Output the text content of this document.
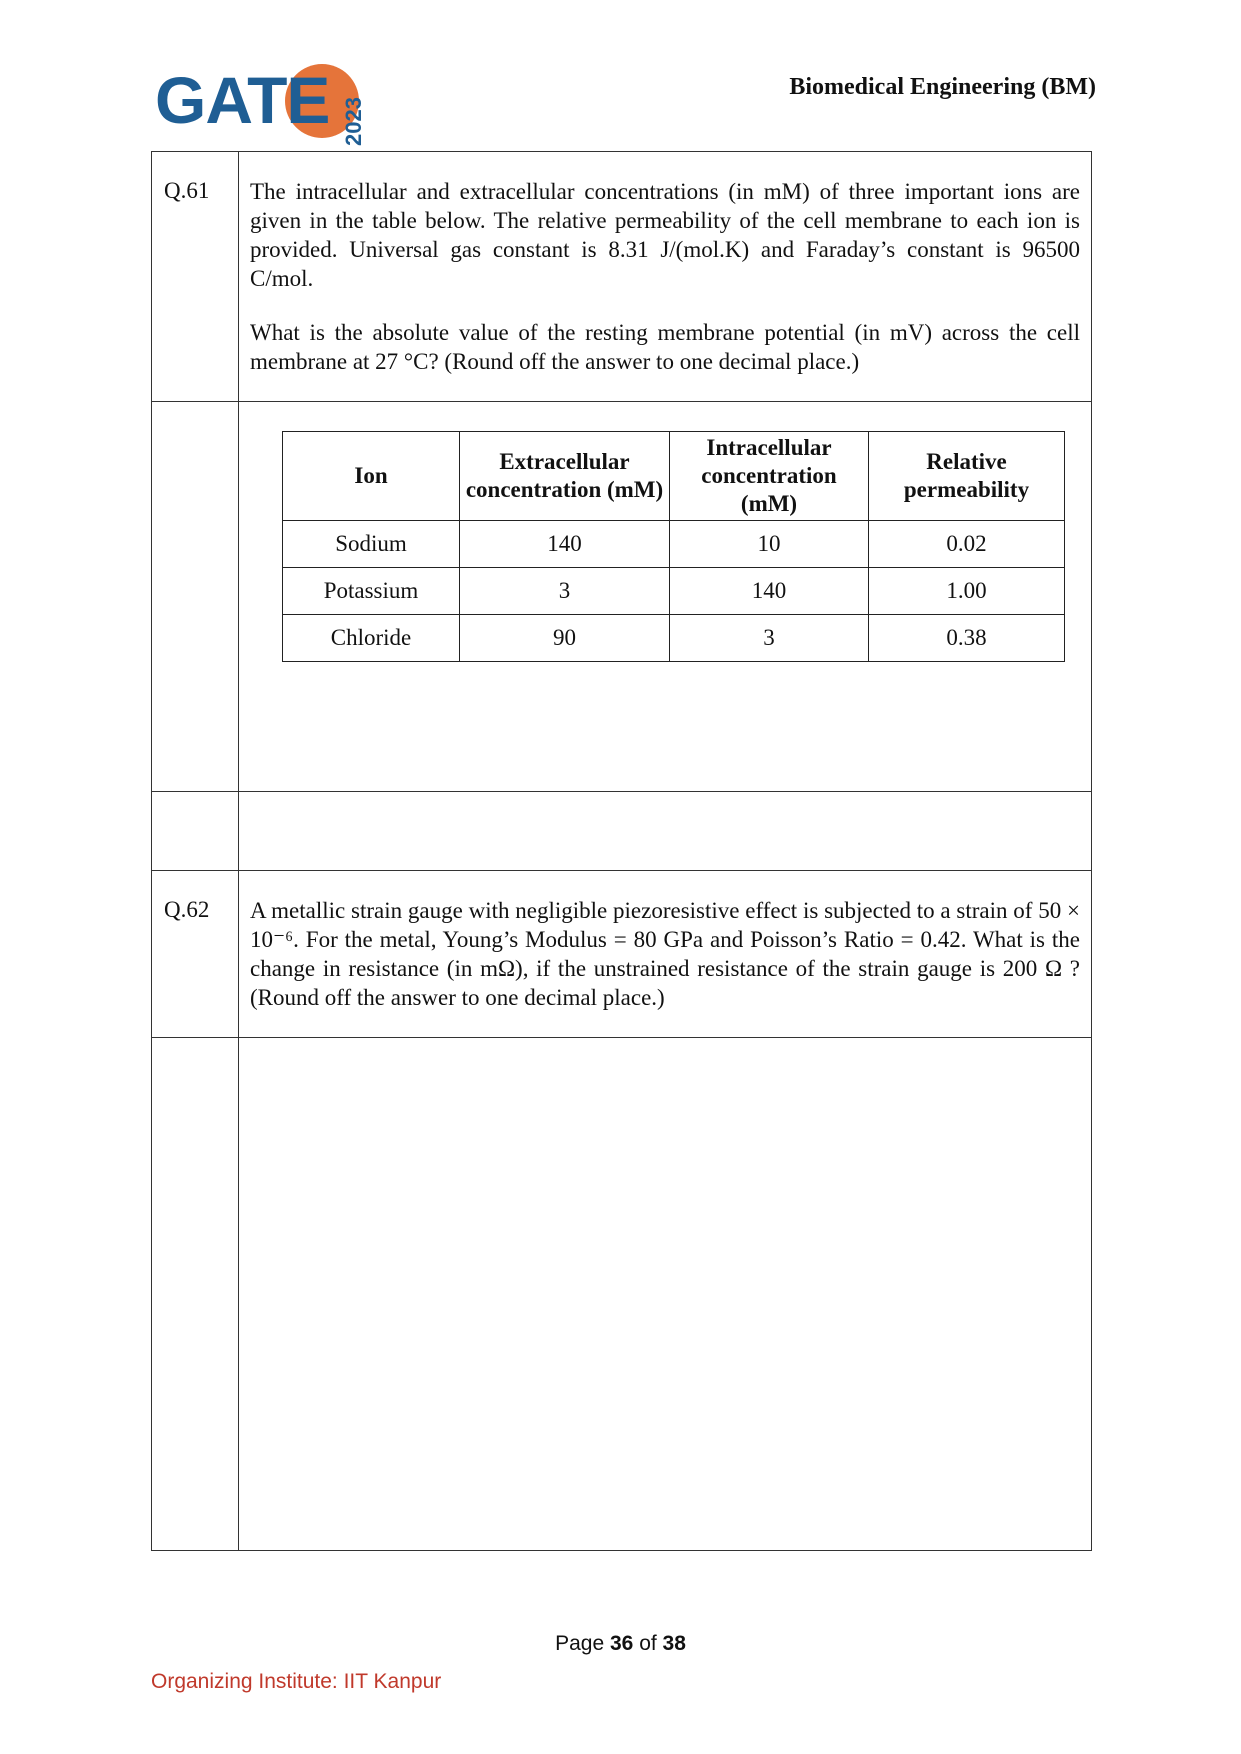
GATE 2023
Biomedical Engineering (BM)
Q.61	The intracellular and extracellular concentrations (in mM) of three important ions are given in the table below. The relative permeability of the cell membrane to each ion is provided. Universal gas constant is 8.31 J/(mol.K) and Faraday’s constant is 96500 C/mol.

What is the absolute value of the resting membrane potential (in mV) across the cell membrane at 27 °C? (Round off the answer to one decimal place.)

Q.62	A metallic strain gauge with negligible piezoresistive effect is subjected to a strain of 50 × 10⁻⁶. For the metal, Young’s Modulus = 80 GPa and Poisson’s Ratio = 0.42. What is the change in resistance (in mΩ), if the unstrained resistance of the strain gauge is 200 Ω ? (Round off the answer to one decimal place.)

Ion	Extracellular concentration (mM)	Intracellular concentration (mM)	Relative permeability
Sodium	140	10	0.02
Potassium	3	140	1.00
Chloride	90	3	0.38
Page 36 of 38
Organizing Institute: IIT Kanpur
